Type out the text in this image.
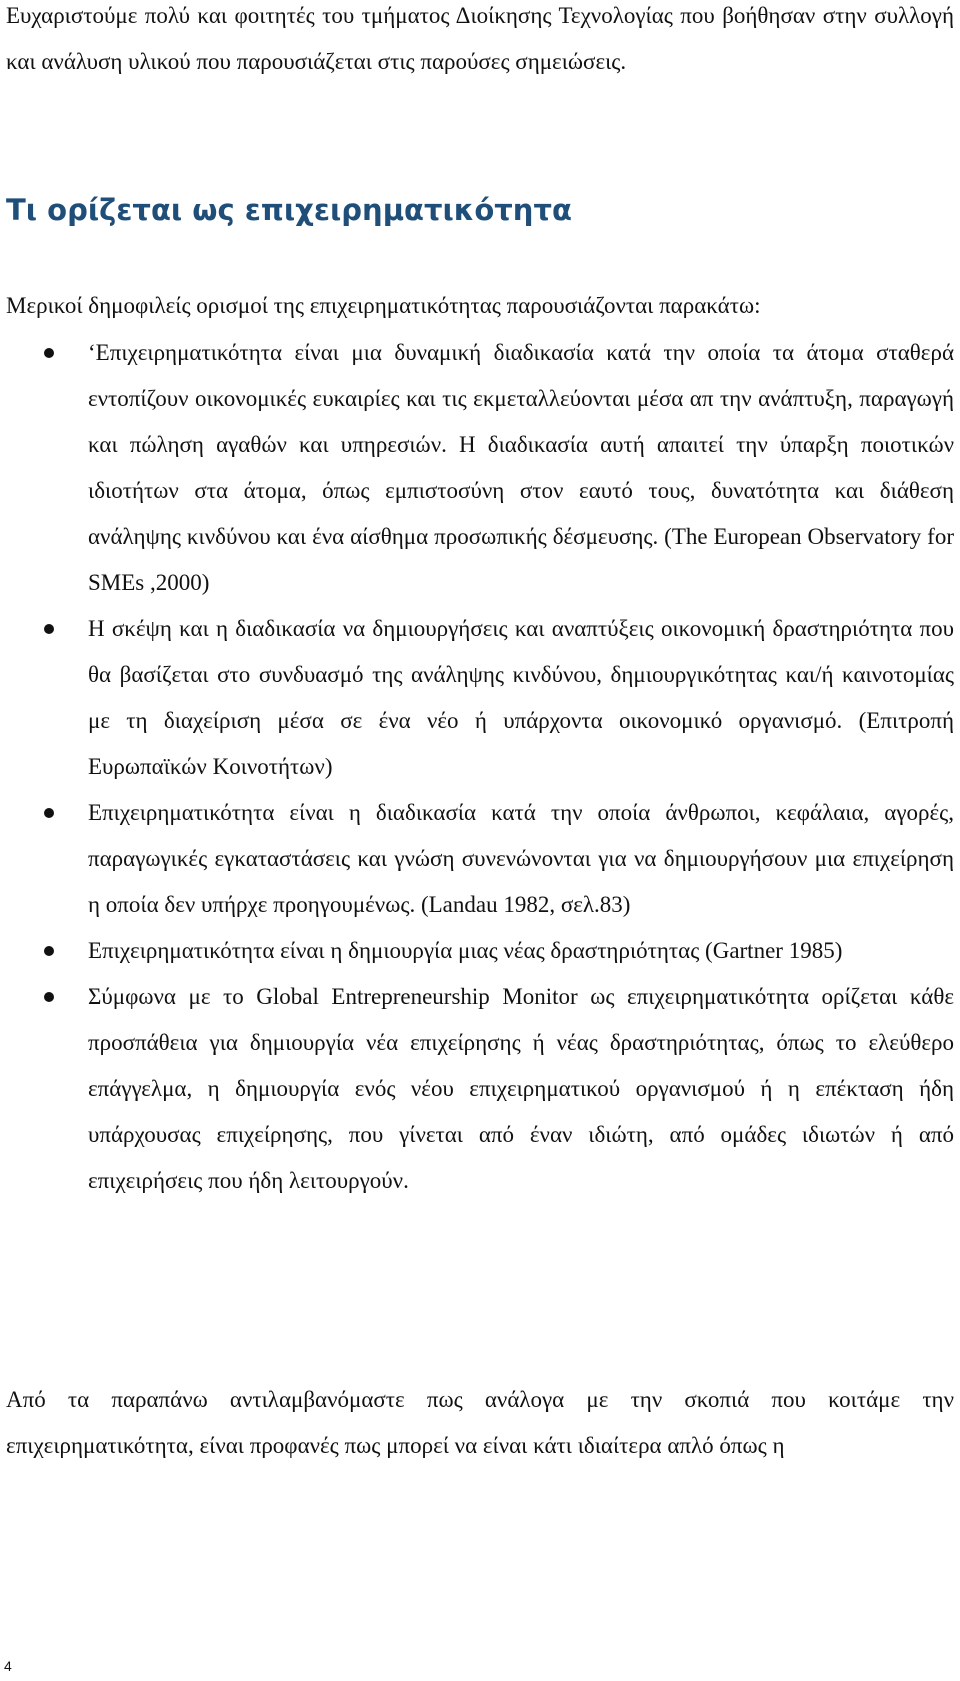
Ευχαριστούμε πολύ και φοιτητές του τμήματος Διοίκησης Τεχνολογίας που βοήθησαν στην συλλογή και ανάλυση υλικού που παρουσιάζεται στις παρούσες σημειώσεις.

Τι ορίζεται ως επιχειρηματικότητα

Μερικοί δημοφιλείς ορισμοί της επιχειρηματικότητας παρουσιάζονται παρακάτω:

‘Επιχειρηματικότητα είναι μια δυναμική διαδικασία κατά την οποία τα άτομα σταθερά εντοπίζουν οικονομικές ευκαιρίες και τις εκμεταλλεύονται μέσα απ την ανάπτυξη, παραγωγή και πώληση αγαθών και υπηρεσιών. Η διαδικασία αυτή απαιτεί την ύπαρξη ποιοτικών ιδιοτήτων στα άτομα, όπως εμπιστοσύνη στον εαυτό τους, δυνατότητα και διάθεση ανάληψης κινδύνου και ένα αίσθημα προσωπικής δέσμευσης. (The European Observatory for SMEs ,2000)
Η σκέψη και η διαδικασία να δημιουργήσεις και αναπτύξεις οικονομική δραστηριότητα που θα βασίζεται στο συνδυασμό της ανάληψης κινδύνου, δημιουργικότητας και/ή καινοτομίας με τη διαχείριση μέσα σε ένα νέο ή υπάρχοντα οικονομικό οργανισμό. (Επιτροπή Ευρωπαϊκών Κοινοτήτων)
Επιχειρηματικότητα είναι η διαδικασία κατά την οποία άνθρωποι, κεφάλαια, αγορές, παραγωγικές εγκαταστάσεις και γνώση συνενώνονται για να δημιουργήσουν μια επιχείρηση η οποία δεν υπήρχε προηγουμένως. (Landau 1982, σελ.83)
Επιχειρηματικότητα είναι η δημιουργία μιας νέας δραστηριότητας (Gartner 1985)
Σύμφωνα με το Global Entrepreneurship Monitor ως επιχειρηματικότητα ορίζεται κάθε προσπάθεια για δημιουργία νέα επιχείρησης ή νέας δραστηριότητας, όπως το ελεύθερο επάγγελμα, η δημιουργία ενός νέου επιχειρηματικού οργανισμού ή η επέκταση ήδη υπάρχουσας επιχείρησης, που γίνεται από έναν ιδιώτη, από ομάδες ιδιωτών ή από επιχειρήσεις που ήδη λειτουργούν.

Από τα παραπάνω αντιλαμβανόμαστε πως ανάλογα με την σκοπιά που κοιτάμε την επιχειρηματικότητα, είναι προφανές πως μπορεί να είναι κάτι ιδιαίτερα απλό όπως η

4
